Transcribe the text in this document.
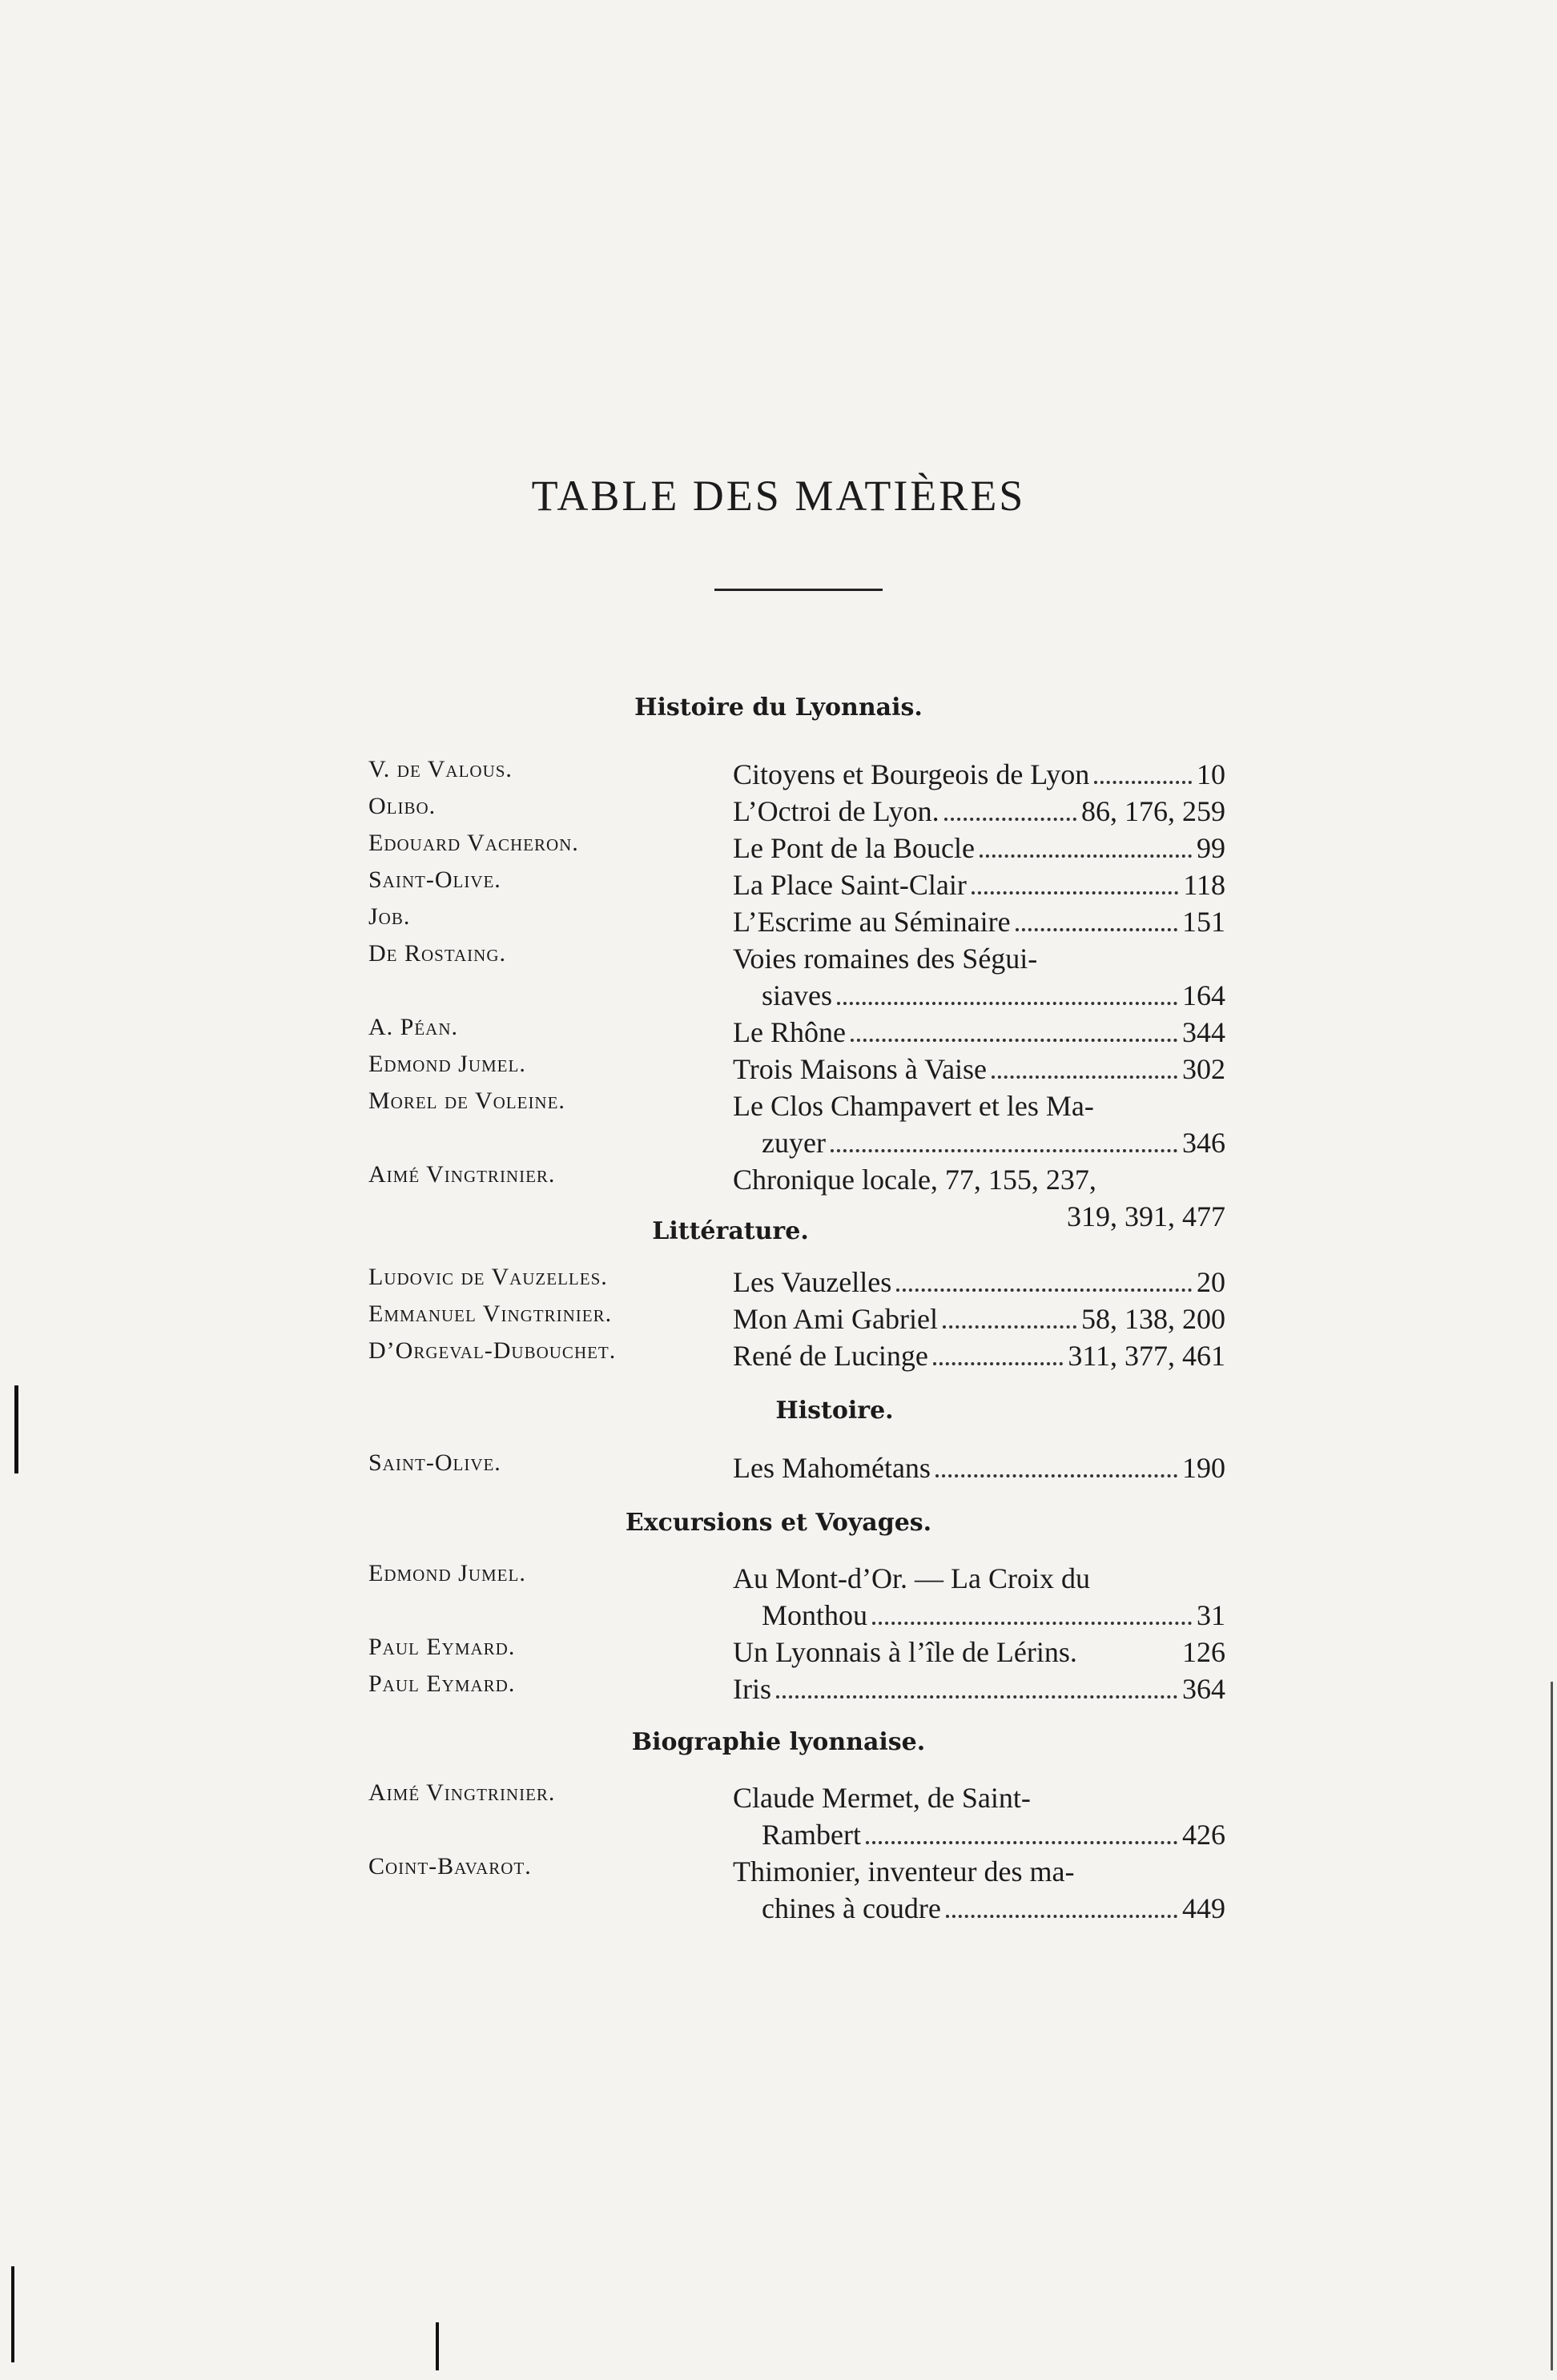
TABLE DES MATIÈRES
Histoire du Lyonnais.
V. de Valous.	Citoyens et Bourgeois de Lyon	10
Olibo.	L’Octroi de Lyon.	86, 176, 259
Edouard Vacheron.	Le Pont de la Boucle	99
Saint-Olive.	La Place Saint-Clair	118
Job.	L’Escrime au Séminaire	151
De Rostaing.	Voies romaines des Ségui-
siaves	164
A. Péan.	Le Rhône	344
Edmond Jumel.	Trois Maisons à Vaise	302
Morel de Voleine.	Le Clos Champavert et les Ma-
zuyer	346
Aimé Vingtrinier.	Chronique locale, 77, 155, 237,
319, 391, 477
Littérature.
Ludovic de Vauzelles.	Les Vauzelles	20
Emmanuel Vingtrinier.	Mon Ami Gabriel	58, 138, 200
D’Orgeval-Dubouchet.	René de Lucinge	311, 377, 461
Histoire.
Saint-Olive.	Les Mahométans	190
Excursions et Voyages.
Edmond Jumel.	Au Mont-d’Or. — La Croix du
Monthou	31
Paul Eymard.	Un Lyonnais à l’île de Lérins.	126
Paul Eymard.	Iris	364
Biographie lyonnaise.
Aimé Vingtrinier.	Claude Mermet, de Saint-
Rambert	426
Coint-Bavarot.	Thimonier, inventeur des ma-
chines à coudre	449
